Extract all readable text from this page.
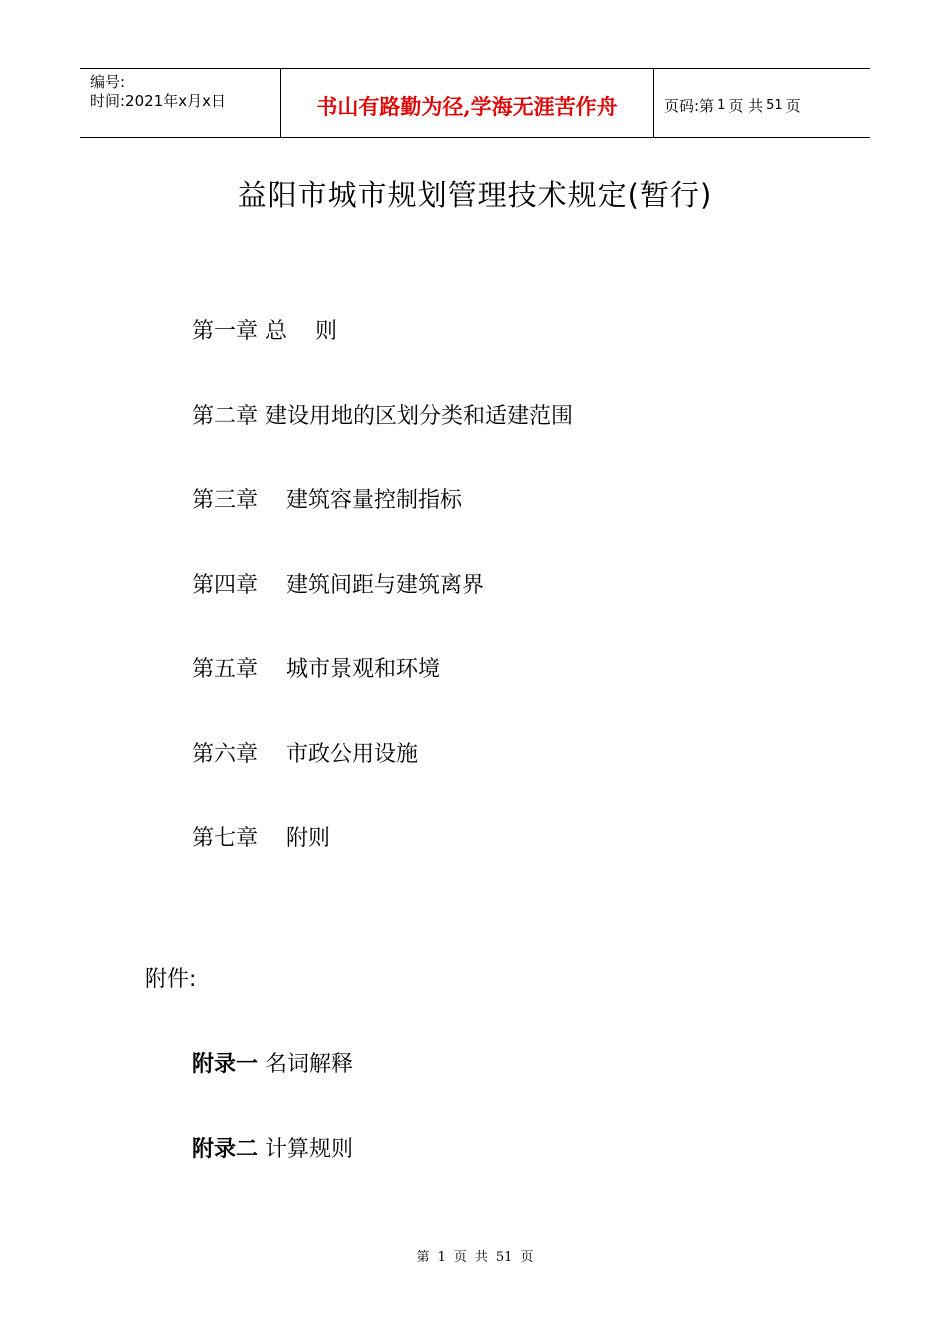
编号:
时间:2021年x月x日	书山有路勤为径,学海无涯苦作舟	页码:第 1 页 共 51 页
益阳市城市规划管理技术规定(暂行)
第一章 总    则
第二章 建设用地的区划分类和适建范围
第三章    建筑容量控制指标
第四章    建筑间距与建筑离界
第五章    城市景观和环境
第六章    市政公用设施
第七章    附则
附件:
附录一 名词解释
附录二 计算规则
第 1 页 共 51 页
